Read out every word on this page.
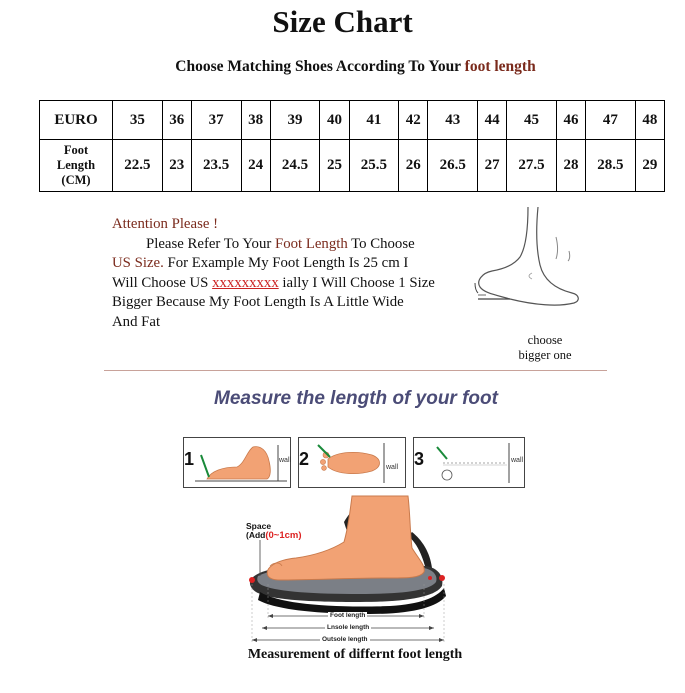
Size Chart
Choose Matching Shoes According To Your foot length
EURO	35	36	37	38	39	40	41	42	43	44	45	46	47	48
Foot
Length
(CM)	22.5	23	23.5	24	24.5	25	25.5	26	26.5	27	27.5	28	28.5	29

Attention Please !

Please Refer To Your Foot Length To Choose

US Size. For Example My Foot Length Is 25 cm I

Will Choose US xxxxxxxxx ially I Will Choose 1 Size

Bigger Because My Foot Length Is A Little Wide

And Fat

choose
bigger one
Measure the length of your foot
1	wall 2	wall 3	wall
Space
(Add(0~1cm)
Foot length
Lnsole length
Outsole length
Measurement of differnt foot length
